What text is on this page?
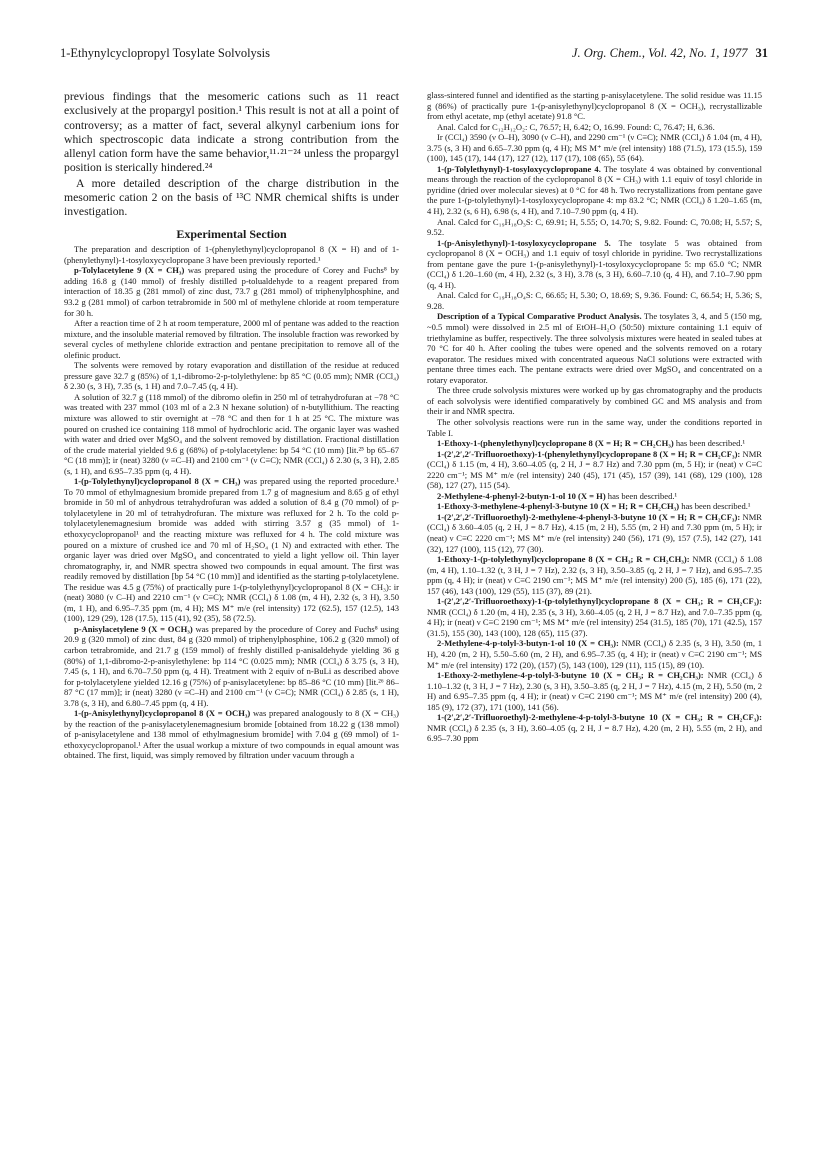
1-Ethynylcyclopropyl Tosylate Solvolysis	J. Org. Chem., Vol. 42, No. 1, 1977 31

previous findings that the mesomeric cations such as 11 react exclusively at the propargyl position.¹ This result is not at all a point of controversy; as a matter of fact, several alkynyl carbenium ions for which spectroscopic data indicate a strong contribution from the allenyl cation form have the same behavior,¹¹·²¹⁻²⁴ unless the propargyl position is sterically hindered.²⁴

A more detailed description of the charge distribution in the mesomeric cation 2 on the basis of ¹³C NMR chemical shifts is under investigation.

Experimental Section

The preparation and description of 1-(phenylethynyl)cyclopropanol 8 (X = H) and of 1-(phenylethynyl)-1-tosyloxycyclopropane 3 have been previously reported.¹

p-Tolylacetylene 9 (X = CH₃) was prepared using the procedure of Corey and Fuchs⁸ by adding 16.8 g (140 mmol) of freshly distilled p-tolualdehyde to a reagent prepared from interaction of 18.35 g (281 mmol) of zinc dust, 73.7 g (281 mmol) of triphenylphosphine, and 93.2 g (281 mmol) of carbon tetrabromide in 500 ml of methylene chloride at room temperature for 30 h.

After a reaction time of 2 h at room temperature, 2000 ml of pentane was added to the reaction mixture, and the insoluble material removed by filtration. The insoluble fraction was reworked by several cycles of methylene chloride extraction and pentane precipitation to remove all of the olefinic product.

The solvents were removed by rotary evaporation and distillation of the residue at reduced pressure gave 32.7 g (85%) of 1,1-dibromo-2-p-tolylethylene: bp 85 °C (0.05 mm); NMR (CCl₄) δ 2.30 (s, 3 H), 7.35 (s, 1 H) and 7.0–7.45 (q, 4 H).

A solution of 32.7 g (118 mmol) of the dibromo olefin in 250 ml of tetrahydrofuran at −78 °C was treated with 237 mmol (103 ml of a 2.3 N hexane solution) of n-butyllithium. The reacting mixture was allowed to stir overnight at −78 °C and then for 1 h at 25 °C. The mixture was poured on crushed ice containing 118 mmol of hydrochloric acid. The organic layer was washed with water and dried over MgSO₄ and the solvent removed by distillation. Fractional distillation of the crude material yielded 9.6 g (68%) of p-tolylacetylene: bp 54 °C (10 mm) [lit.²⁵ bp 65–67 °C (18 mm)]; ir (neat) 3280 (ν ≡C–H) and 2100 cm⁻¹ (ν C≡C); NMR (CCl₄) δ 2.30 (s, 3 H), 2.85 (s, 1 H), and 6.95–7.35 ppm (q, 4 H).

1-(p-Tolylethynyl)cyclopropanol 8 (X = CH₃) was prepared using the reported procedure.¹ To 70 mmol of ethylmagnesium bromide prepared from 1.7 g of magnesium and 8.65 g of ethyl bromide in 50 ml of anhydrous tetrahydrofuran was added a solution of 8.4 g (70 mmol) of p-tolylacetylene in 20 ml of tetrahydrofuran. The mixture was refluxed for 2 h. To the cold p-tolylacetylenemagnesium bromide was added with stirring 3.57 g (35 mmol) of 1-ethoxycyclopropanol¹ and the reacting mixture was refluxed for 4 h. The cold mixture was poured on a mixture of crushed ice and 70 ml of H₂SO₄ (1 N) and extracted with ether. The organic layer was dried over MgSO₄ and concentrated to yield a light yellow oil. Thin layer chromatography, ir, and NMR spectra showed two compounds in equal amount. The first was readily removed by distillation [bp 54 °C (10 mm)] and identified as the starting p-tolylacetylene. The residue was 4.5 g (75%) of practically pure 1-(p-tolylethynyl)cyclopropanol 8 (X = CH₃): ir (neat) 3080 (ν C–H) and 2210 cm⁻¹ (ν C≡C); NMR (CCl₄) δ 1.08 (m, 4 H), 2.32 (s, 3 H), 3.50 (m, 1 H), and 6.95–7.35 ppm (m, 4 H); MS M⁺ m/e (rel intensity) 172 (62.5), 157 (12.5), 143 (100), 129 (29), 128 (17.5), 115 (41), 92 (35), 58 (72.5).

p-Anisylacetylene 9 (X = OCH₃) was prepared by the procedure of Corey and Fuchs⁸ using 20.9 g (320 mmol) of zinc dust, 84 g (320 mmol) of triphenylphosphine, 106.2 g (320 mmol) of carbon tetrabromide, and 21.7 g (159 mmol) of freshly distilled p-anisaldehyde yielding 36 g (80%) of 1,1-dibromo-2-p-anisylethylene: bp 114 °C (0.025 mm); NMR (CCl₄) δ 3.75 (s, 3 H), 7.45 (s, 1 H), and 6.70–7.50 ppm (q, 4 H). Treatment with 2 equiv of n-BuLi as described above for p-tolylacetylene yielded 12.16 g (75%) of p-anisylacetylene: bp 85–86 °C (10 mm) [lit.²⁶ 86–87 °C (17 mm)]; ir (neat) 3280 (ν ≡C–H) and 2100 cm⁻¹ (ν C≡C); NMR (CCl₄) δ 2.85 (s, 1 H), 3.78 (s, 3 H), and 6.80–7.45 ppm (q, 4 H).

1-(p-Anisylethynyl)cyclopropanol 8 (X = OCH₃) was prepared analogously to 8 (X = CH₃) by the reaction of the p-anisylacetylenemagnesium bromide [obtained from 18.22 g (138 mmol) of p-anisylacetylene and 138 mmol of ethylmagnesium bromide] with 7.04 g (69 mmol) of 1-ethoxycyclopropanol.¹ After the usual workup a mixture of two compounds in equal amount was obtained. The first, liquid, was simply removed by filtration under vacuum through a

glass-sintered funnel and identified as the starting p-anisylacetylene. The solid residue was 11.15 g (86%) of practically pure 1-(p-anisylethynyl)cyclopropanol 8 (X = OCH₃), recrystallizable from ethyl acetate, mp (ethyl acetate) 91.8 °C.

Anal. Calcd for C₁₂H₁₂O₂: C, 76.57; H, 6.42; O, 16.99. Found: C, 76.47; H, 6.36.

Ir (CCl₄) 3590 (ν O–H), 3090 (ν C–H), and 2290 cm⁻¹ (ν C≡C); NMR (CCl₄) δ 1.04 (m, 4 H), 3.75 (s, 3 H) and 6.65–7.30 ppm (q, 4 H); MS M⁺ m/e (rel intensity) 188 (71.5), 173 (15.5), 159 (100), 145 (17), 144 (17), 127 (12), 117 (17), 108 (65), 55 (64).

1-(p-Tolylethynyl)-1-tosyloxycyclopropane 4. The tosylate 4 was obtained by conventional means through the reaction of the cyclopropanol 8 (X = CH₃) with 1.1 equiv of tosyl chloride in pyridine (dried over molecular sieves) at 0 °C for 48 h. Two recrystallizations from pentane gave the pure 1-(p-tolylethynyl)-1-tosyloxycyclopropane 4: mp 83.2 °C; NMR (CCl₄) δ 1.20–1.65 (m, 4 H), 2.32 (s, 6 H), 6.98 (s, 4 H), and 7.10–7.90 ppm (q, 4 H).

Anal. Calcd for C₁₉H₁₈O₃S: C, 69.91; H, 5.55; O, 14.70; S, 9.82. Found: C, 70.08; H, 5.57; S, 9.52.

1-(p-Anisylethynyl)-1-tosyloxycyclopropane 5. The tosylate 5 was obtained from cyclopropanol 8 (X = OCH₃) and 1.1 equiv of tosyl chloride in pyridine. Two recrystallizations from pentane gave the pure 1-(p-anisylethynyl)-1-tosyloxycyclopropane 5: mp 65.0 °C; NMR (CCl₄) δ 1.20–1.60 (m, 4 H), 2.32 (s, 3 H), 3.78 (s, 3 H), 6.60–7.10 (q, 4 H), and 7.10–7.90 ppm (q, 4 H).

Anal. Calcd for C₁₉H₁₈O₄S: C, 66.65; H, 5.30; O, 18.69; S, 9.36. Found: C, 66.54; H, 5.36; S, 9.28.

Description of a Typical Comparative Product Analysis. The tosylates 3, 4, and 5 (150 mg, ~0.5 mmol) were dissolved in 2.5 ml of EtOH–H₂O (50:50) mixture containing 1.1 equiv of triethylamine as buffer, respectively. The three solvolysis mixtures were heated in sealed tubes at 70 °C for 40 h. After cooling the tubes were opened and the solvents removed on a rotary evaporator. The residues mixed with concentrated aqueous NaCl solutions were extracted with pentane three times each. The pentane extracts were dried over MgSO₄ and concentrated on a rotary evaporator.

The three crude solvolysis mixtures were worked up by gas chromatography and the products of each solvolysis were identified comparatively by combined GC and MS analysis and from their ir and NMR spectra.

The other solvolysis reactions were run in the same way, under the conditions reported in Table I.

1-Ethoxy-1-(phenylethynyl)cyclopropane 8 (X = H; R = CH₂CH₃) has been described.¹

1-(2′,2′,2′-Trifluoroethoxy)-1-(phenylethynyl)cyclopropane 8 (X = H; R = CH₂CF₃): NMR (CCl₄) δ 1.15 (m, 4 H), 3.60–4.05 (q, 2 H, J = 8.7 Hz) and 7.30 ppm (m, 5 H); ir (neat) ν C≡C 2220 cm⁻¹; MS M⁺ m/e (rel intensity) 240 (45), 171 (45), 157 (39), 141 (68), 129 (100), 128 (58), 127 (27), 115 (54).

2-Methylene-4-phenyl-2-butyn-1-ol 10 (X = H) has been described.¹

1-Ethoxy-3-methylene-4-phenyl-3-butyne 10 (X = H; R = CH₂CH₃) has been described.¹

1-(2′,2′,2′-Trifluoroethyl)-2-methylene-4-phenyl-3-butyne 10 (X = H; R = CH₂CF₃): NMR (CCl₄) δ 3.60–4.05 (q, 2 H, J = 8.7 Hz), 4.15 (m, 2 H), 5.55 (m, 2 H) and 7.30 ppm (m, 5 H); ir (neat) ν C≡C 2220 cm⁻¹; MS M⁺ m/e (rel intensity) 240 (56), 171 (9), 157 (7.5), 142 (27), 141 (32), 127 (100), 115 (12), 77 (30).

1-Ethoxy-1-(p-tolylethynyl)cyclopropane 8 (X = CH₃; R = CH₂CH₃): NMR (CCl₄) δ 1.08 (m, 4 H), 1.10–1.32 (t, 3 H, J = 7 Hz), 2.32 (s, 3 H), 3.50–3.85 (q, 2 H, J = 7 Hz), and 6.95–7.35 ppm (q, 4 H); ir (neat) ν C≡C 2190 cm⁻¹; MS M⁺ m/e (rel intensity) 200 (5), 185 (6), 171 (22), 157 (46), 143 (100), 129 (55), 115 (37), 89 (21).

1-(2′,2′,2′-Trifluoroethoxy)-1-(p-tolylethynyl)cyclopropane 8 (X = CH₃; R = CH₂CF₃): NMR (CCl₄) δ 1.20 (m, 4 H), 2.35 (s, 3 H), 3.60–4.05 (q, 2 H, J = 8.7 Hz), and 7.0–7.35 ppm (q, 4 H); ir (neat) ν C≡C 2190 cm⁻¹; MS M⁺ m/e (rel intensity) 254 (31.5), 185 (70), 171 (42.5), 157 (31.5), 155 (30), 143 (100), 128 (65), 115 (37).

2-Methylene-4-p-tolyl-3-butyn-1-ol 10 (X = CH₃): NMR (CCl₄) δ 2.35 (s, 3 H), 3.50 (m, 1 H), 4.20 (m, 2 H), 5.50–5.60 (m, 2 H), and 6.95–7.35 (q, 4 H); ir (neat) ν C≡C 2190 cm⁻¹; MS M⁺ m/e (rel intensity) 172 (20), (157) (5), 143 (100), 129 (11), 115 (15), 89 (10).

1-Ethoxy-2-methylene-4-p-tolyl-3-butyne 10 (X = CH₃; R = CH₂CH₃): NMR (CCl₄) δ 1.10–1.32 (t, 3 H, J = 7 Hz), 2.30 (s, 3 H), 3.50–3.85 (q, 2 H, J = 7 Hz), 4.15 (m, 2 H), 5.50 (m, 2 H) and 6.95–7.35 ppm (q, 4 H); ir (neat) ν C≡C 2190 cm⁻¹; MS M⁺ m/e (rel intensity) 200 (4), 185 (9), 172 (37), 171 (100), 141 (56).

1-(2′,2′,2′-Trifluoroethyl)-2-methylene-4-p-tolyl-3-butyne 10 (X = CH₃; R = CH₂CF₃): NMR (CCl₄) δ 2.35 (s, 3 H), 3.60–4.05 (q, 2 H, J = 8.7 Hz), 4.20 (m, 2 H), 5.55 (m, 2 H), and 6.95–7.30 ppm
